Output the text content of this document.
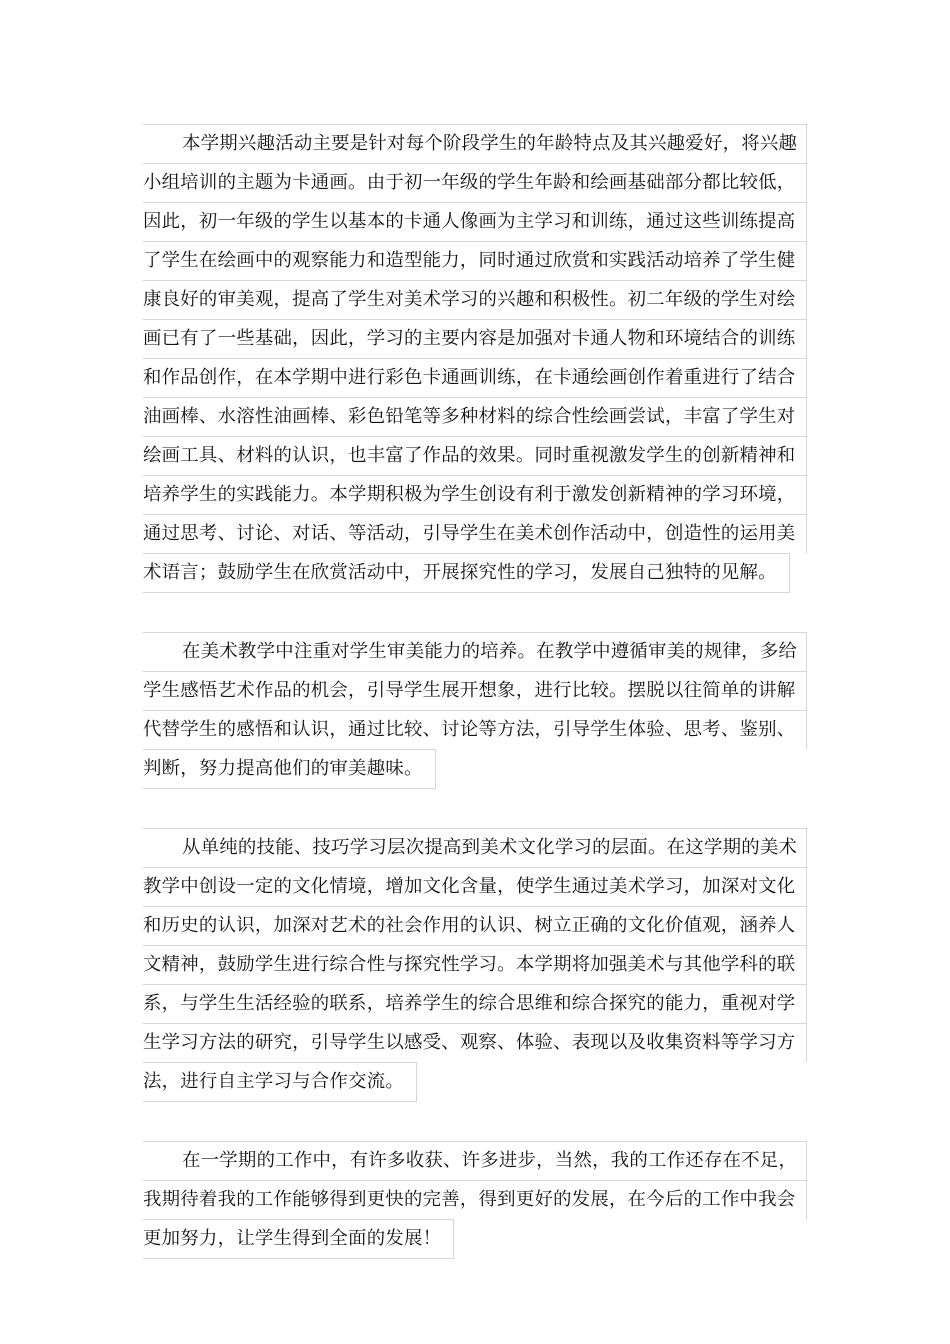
本学期兴趣活动主要是针对每个阶段学生的年龄特点及其兴趣爱好，将兴趣
小组培训的主题为卡通画。由于初一年级的学生年龄和绘画基础部分都比较低，
因此，初一年级的学生以基本的卡通人像画为主学习和训练，通过这些训练提高
了学生在绘画中的观察能力和造型能力，同时通过欣赏和实践活动培养了学生健
康良好的审美观，提高了学生对美术学习的兴趣和积极性。初二年级的学生对绘
画已有了一些基础，因此，学习的主要内容是加强对卡通人物和环境结合的训练
和作品创作，在本学期中进行彩色卡通画训练，在卡通绘画创作着重进行了结合
油画棒、水溶性油画棒、彩色铅笔等多种材料的综合性绘画尝试，丰富了学生对
绘画工具、材料的认识，也丰富了作品的效果。同时重视激发学生的创新精神和
培养学生的实践能力。本学期积极为学生创设有利于激发创新精神的学习环境，
通过思考、讨论、对话、等活动，引导学生在美术创作活动中，创造性的运用美
术语言；鼓励学生在欣赏活动中，开展探究性的学习，发展自己独特的见解。
在美术教学中注重对学生审美能力的培养。在教学中遵循审美的规律，多给
学生感悟艺术作品的机会，引导学生展开想象，进行比较。摆脱以往简单的讲解
代替学生的感悟和认识，通过比较、讨论等方法，引导学生体验、思考、鉴别、
判断，努力提高他们的审美趣味。
从单纯的技能、技巧学习层次提高到美术文化学习的层面。在这学期的美术
教学中创设一定的文化情境，增加文化含量，使学生通过美术学习，加深对文化
和历史的认识，加深对艺术的社会作用的认识、树立正确的文化价值观，涵养人
文精神，鼓励学生进行综合性与探究性学习。本学期将加强美术与其他学科的联
系，与学生生活经验的联系，培养学生的综合思维和综合探究的能力，重视对学
生学习方法的研究，引导学生以感受、观察、体验、表现以及收集资料等学习方
法，进行自主学习与合作交流。
在一学期的工作中，有许多收获、许多进步，当然，我的工作还存在不足，
我期待着我的工作能够得到更快的完善，得到更好的发展，在今后的工作中我会
更加努力，让学生得到全面的发展！
